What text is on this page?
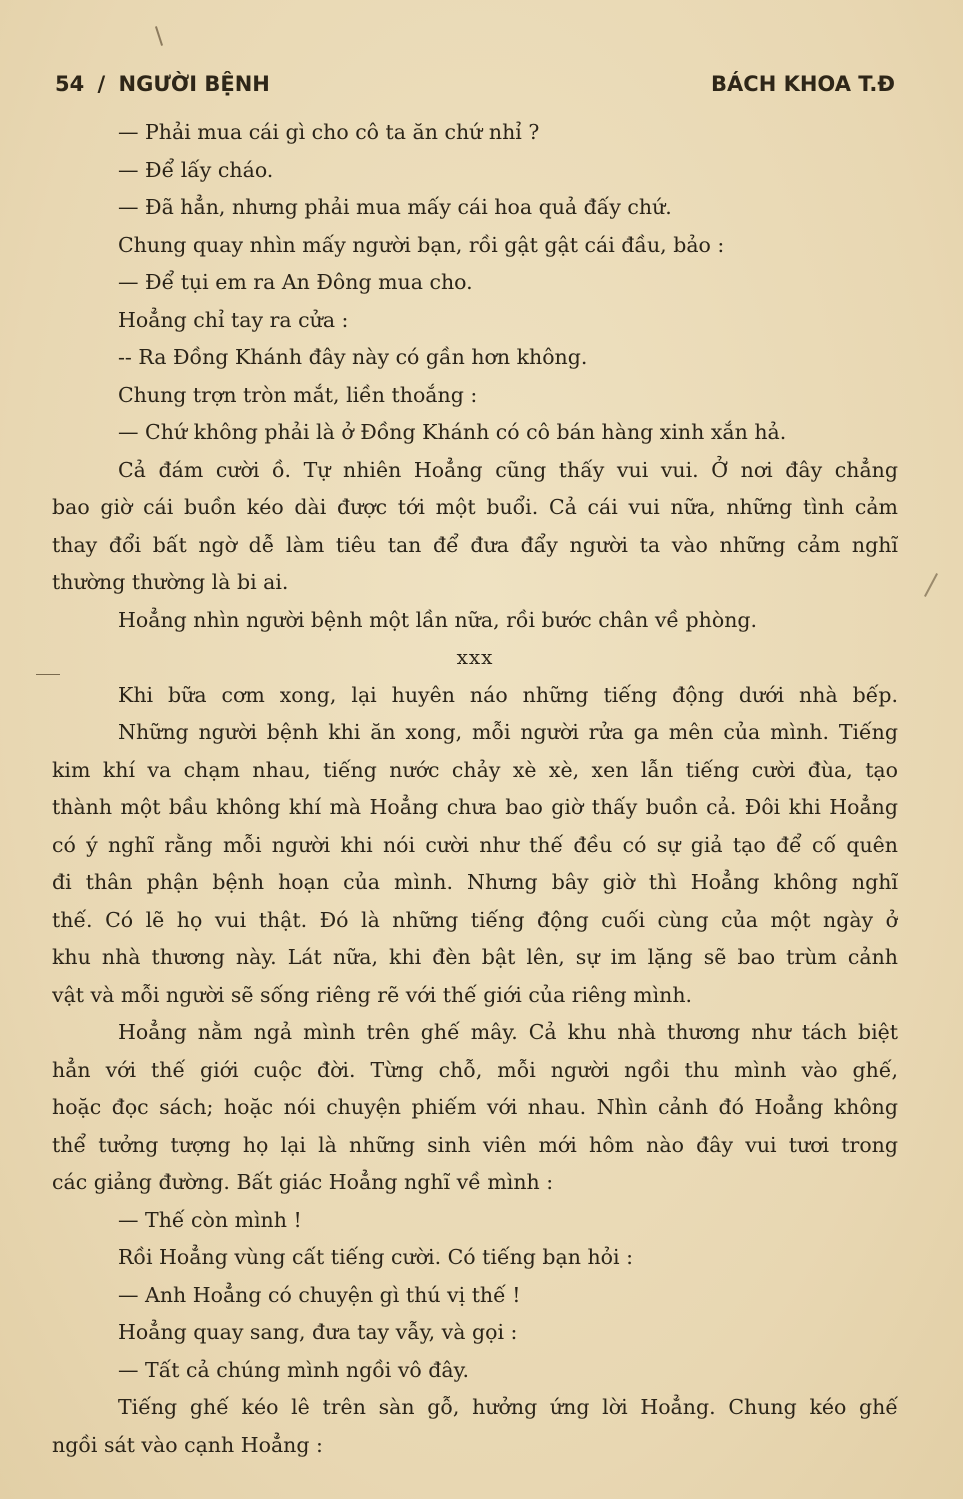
54 / NGƯỜI BỆNH	BÁCH KHOA T.Đ
— Phải mua cái gì cho cô ta ăn chứ nhỉ ?
— Để lấy cháo.
— Đã hẳn, nhưng phải mua mấy cái hoa quả đấy chứ.
Chung quay nhìn mấy người bạn, rồi gật gật cái đầu, bảo :
— Để tụi em ra An Đông mua cho.
Hoẳng chỉ tay ra cửa :
-- Ra Đồng Khánh đây này có gần hơn không.
Chung trợn tròn mắt, liền thoắng :
— Chứ không phải là ở Đồng Khánh có cô bán hàng xinh xắn hả.
Cả đám cười ồ. Tự nhiên Hoẳng cũng thấy vui vui. Ở nơi đây chẳng
bao giờ cái buồn kéo dài được tới một buổi. Cả cái vui nữa, những tình cảm
thay đổi bất ngờ dễ làm tiêu tan để đưa đẩy người ta vào những cảm nghĩ
thường thường là bi ai.
Hoẳng nhìn người bệnh một lần nữa, rồi bước chân về phòng.
xxx
Khi bữa cơm xong, lại huyên náo những tiếng động dưới nhà bếp.
Những người bệnh khi ăn xong, mỗi người rửa ga mên của mình. Tiếng
kim khí va chạm nhau, tiếng nước chảy xè xè, xen lẫn tiếng cười đùa, tạo
thành một bầu không khí mà Hoẳng chưa bao giờ thấy buồn cả. Đôi khi Hoẳng
có ý nghĩ rằng mỗi người khi nói cười như thế đều có sự giả tạo để cố quên
đi thân phận bệnh hoạn của mình. Nhưng bây giờ thì Hoẳng không nghĩ
thế. Có lẽ họ vui thật. Đó là những tiếng động cuối cùng của một ngày ở
khu nhà thương này. Lát nữa, khi đèn bật lên, sự im lặng sẽ bao trùm cảnh
vật và mỗi người sẽ sống riêng rẽ với thế giới của riêng mình.
Hoẳng nằm ngả mình trên ghế mây. Cả khu nhà thương như tách biệt
hẳn với thế giới cuộc đời. Từng chỗ, mỗi người ngồi thu mình vào ghế,
hoặc đọc sách; hoặc nói chuyện phiếm với nhau. Nhìn cảnh đó Hoẳng không
thể tưởng tượng họ lại là những sinh viên mới hôm nào đây vui tươi trong
các giảng đường. Bất giác Hoẳng nghĩ về mình :
— Thế còn mình !
Rồi Hoẳng vùng cất tiếng cười. Có tiếng bạn hỏi :
— Anh Hoẳng có chuyện gì thú vị thế !
Hoẳng quay sang, đưa tay vẫy, và gọi :
— Tất cả chúng mình ngồi vô đây.
Tiếng ghế kéo lê trên sàn gỗ, hưởng ứng lời Hoẳng. Chung kéo ghế
ngồi sát vào cạnh Hoẳng :
